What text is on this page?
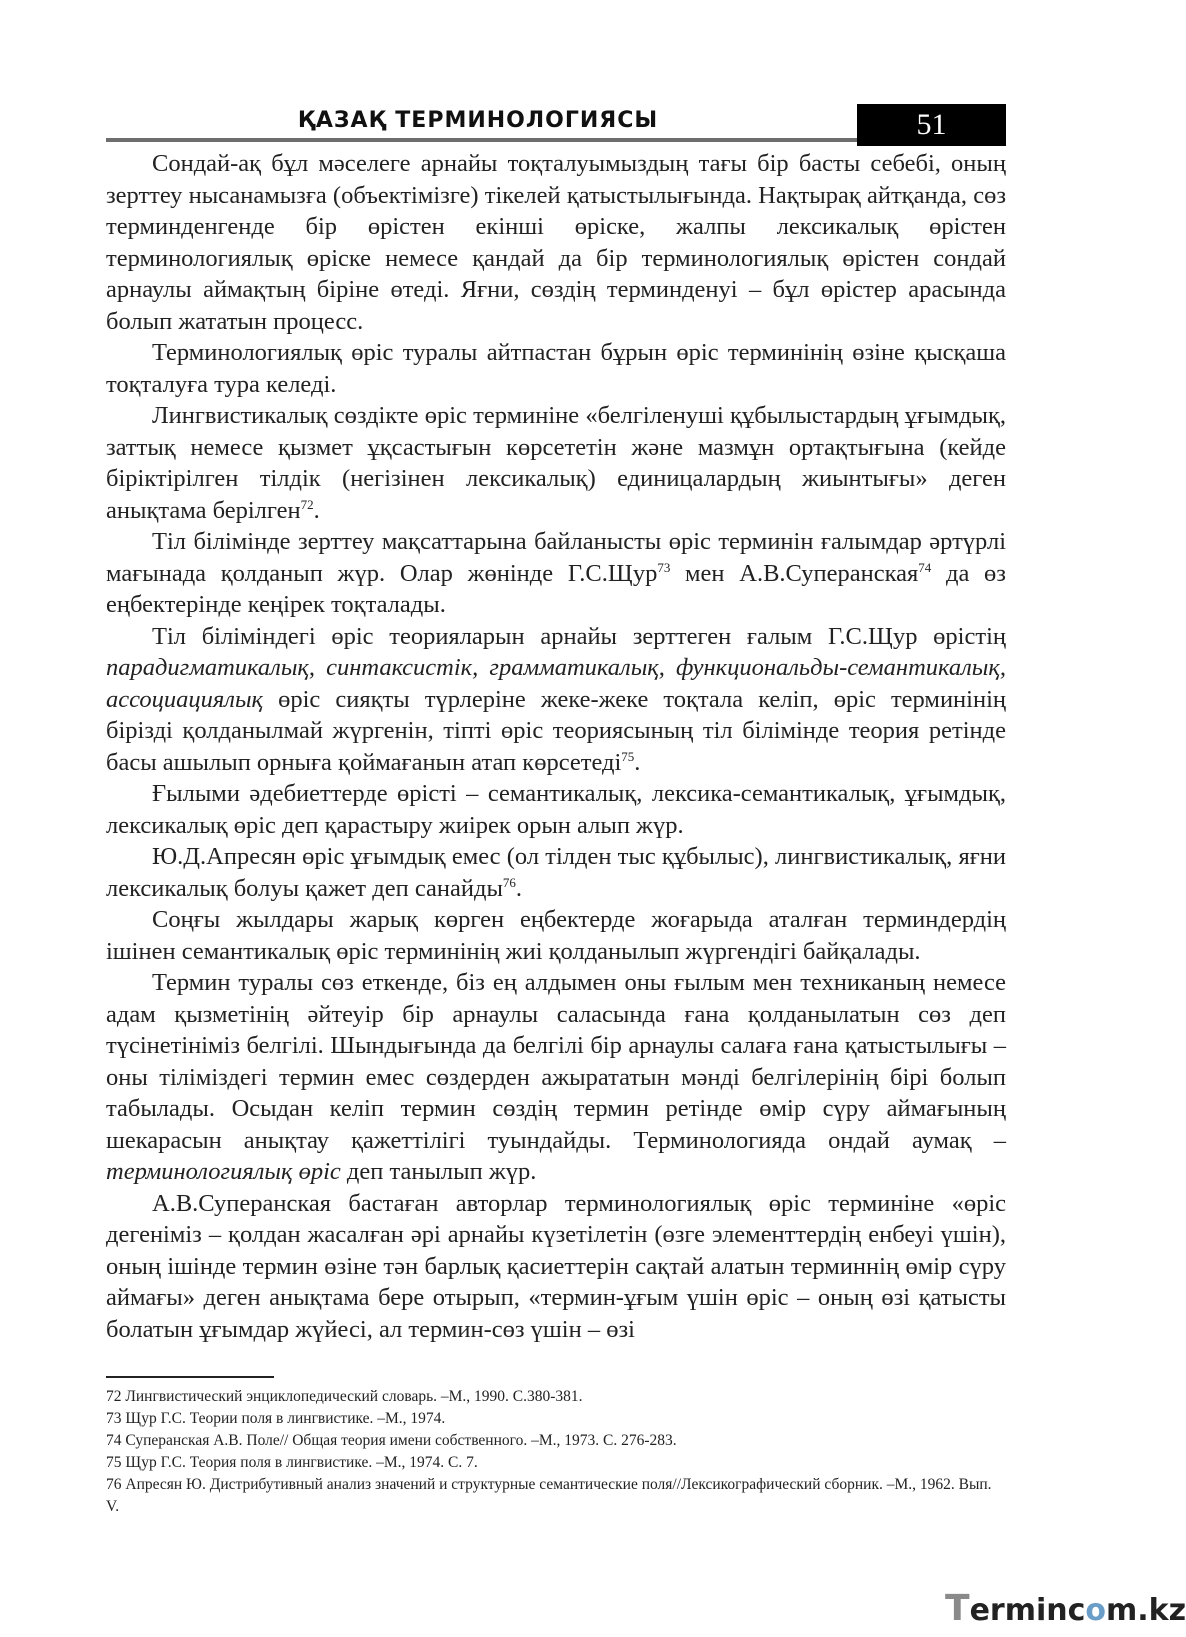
ҚАЗАҚ ТЕРМИНОЛОГИЯСЫ	51

Сондай-ақ бұл мәселеге арнайы тоқталуымыздың тағы бір басты себебі, оның зерттеу нысанамызға (объектімізге) тікелей қатыстылығында. Нақтырақ айтқанда, сөз терминденгенде бір өрістен екінші өріске, жалпы лексикалық өрістен терминологиялық өріске немесе қандай да бір терминологиялық өрістен сондай арнаулы аймақтың біріне өтеді. Яғни, сөздің терминденуі – бұл өрістер арасында болып жататын процесс.

Терминологиялық өріс туралы айтпастан бұрын өріс терминінің өзіне қысқаша тоқталуға тура келеді.

Лингвистикалық сөздікте өріс терминіне «белгіленуші құбылыстардың ұғымдық, заттық немесе қызмет ұқсастығын көрсететін және мазмұн ортақтығына (кейде біріктірілген тілдік (негізінен лексикалық) единицалардың жиынтығы» деген анықтама берілген$^{72}$.

Тіл білімінде зерттеу мақсаттарына байланысты өріс терминін ғалымдар әртүрлі мағынада қолданып жүр. Олар жөнінде Г.С.Щур$^{73}$ мен А.В.Суперанская$^{74}$ да өз еңбектерінде кеңірек тоқталады.

Тіл біліміндегі өріс теорияларын арнайы зерттеген ғалым Г.С.Щур өрістің парадигматикалық, синтаксистік, грамматикалық, функциональды-семантикалық, ассоциациялық өріс сияқты түрлеріне жеке-жеке тоқтала келіп, өріс терминінің бірізді қолданылмай жүргенін, тіпті өріс теориясының тіл білімінде теория ретінде басы ашылып орнығa қоймағанын атап көрсетеді$^{75}$.

Ғылыми әдебиеттерде өрісті – семантикалық, лексика-семантикалық, ұғымдық, лексикалық өріс деп қарастыру жиірек орын алып жүр.

Ю.Д.Апресян өріс ұғымдық емес (ол тілден тыс құбылыс), лингвистикалық, яғни лексикалық болуы қажет деп санайды$^{76}$.

Соңғы жылдары жарық көрген еңбектерде жоғарыда аталған терминдердің ішінен семантикалық өріс терминінің жиі қолданылып жүргендігі байқалады.

Термин туралы сөз еткенде, біз ең алдымен оны ғылым мен техниканың немесе адам қызметінің әйтеуір бір арнаулы саласында ғана қолданылатын сөз деп түсінетініміз белгілі. Шындығында да белгілі бір арнаулы салаға ғана қатыстылығы – оны тіліміздегі термин емес сөздерден ажырататын мәнді белгілерінің бірі болып табылады. Осыдан келіп термин сөздің термин ретінде өмір сүру аймағының шекарасын анықтау қажеттілігі туындайды. Терминологияда ондай аумақ – терминологиялық өріс деп танылып жүр.

А.В.Суперанская бастаған авторлар терминологиялық өріс терминіне «өріс дегеніміз – қолдан жасалған әрі арнайы күзетілетін (өзге элементтердің енбеуі үшін), оның ішінде термин өзіне тән барлық қасиеттерін сақтай алатын терминнің өмір сүру аймағы» деген анықтама бере отырып, «термин-ұғым үшін өріс – оның өзі қатысты болатын ұғымдар жүйесі, ал термин-сөз үшін – өзі

72 Лингвистический энциклопедический словарь. –М., 1990. С.380-381.
73 Щур Г.С. Теории поля в лингвистике. –М., 1974.
74 Суперанская А.В. Поле// Общая теория имени собственного. –М., 1973. С. 276-283.
75 Щур Г.С. Теория поля в лингвистике. –М., 1974. С. 7.
76 Апресян Ю. Дистрибутивный анализ значений и структурные семантические поля//Лексикографический сборник. –М., 1962. Вып. V.
Termincom.kz
